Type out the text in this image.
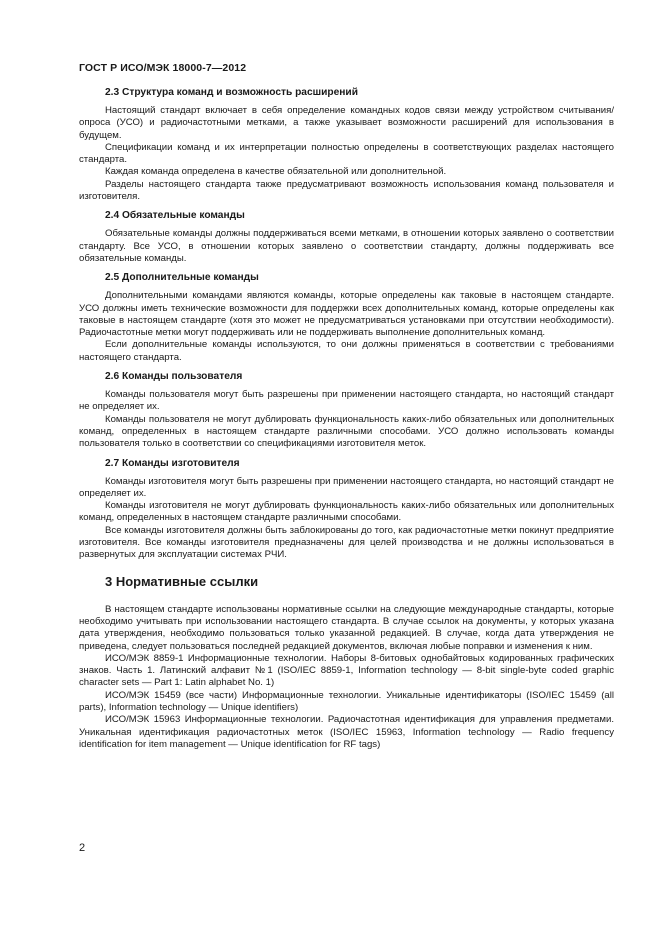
ГОСТ Р ИСО/МЭК 18000-7—2012
2.3 Структура команд и возможность расширений

Настоящий стандарт включает в себя определение командных кодов связи между устройством считывания/опроса (УСО) и радиочастотными метками, а также указывает возможности расширений для использования в будущем.

Спецификации команд и их интерпретации полностью определены в соответствующих разделах настоящего стандарта.

Каждая команда определена в качестве обязательной или дополнительной.

Разделы настоящего стандарта также предусматривают возможность использования команд пользователя и изготовителя.

2.4 Обязательные команды

Обязательные команды должны поддерживаться всеми метками, в отношении которых заявлено о соответствии стандарту. Все УСО, в отношении которых заявлено о соответствии стандарту, должны поддерживать все обязательные команды.

2.5 Дополнительные команды

Дополнительными командами являются команды, которые определены как таковые в настоящем стандарте. УСО должны иметь технические возможности для поддержки всех дополнительных команд, которые определены как таковые в настоящем стандарте (хотя это может не предусматриваться установками при отсутствии необходимости). Радиочастотные метки могут поддерживать или не поддерживать выполнение дополнительных команд.

Если дополнительные команды используются, то они должны применяться в соответствии с требованиями настоящего стандарта.

2.6 Команды пользователя

Команды пользователя могут быть разрешены при применении настоящего стандарта, но настоящий стандарт не определяет их.

Команды пользователя не могут дублировать функциональность каких-либо обязательных или дополнительных команд, определенных в настоящем стандарте различными способами. УСО должно использовать команды пользователя только в соответствии со спецификациями изготовителя меток.

2.7 Команды изготовителя

Команды изготовителя могут быть разрешены при применении настоящего стандарта, но настоящий стандарт не определяет их.

Команды изготовителя не могут дублировать функциональность каких-либо обязательных или дополнительных команд, определенных в настоящем стандарте различными способами.

Все команды изготовителя должны быть заблокированы до того, как радиочастотные метки покинут предприятие изготовителя. Все команды изготовителя предназначены для целей производства и не должны использоваться в развернутых для эксплуатации системах РЧИ.

3 Нормативные ссылки

В настоящем стандарте использованы нормативные ссылки на следующие международные стандарты, которые необходимо учитывать при использовании настоящего стандарта. В случае ссылок на документы, у которых указана дата утверждения, необходимо пользоваться только указанной редакцией. В случае, когда дата утверждения не приведена, следует пользоваться последней редакцией документов, включая любые поправки и изменения к ним.

ИСО/МЭК 8859-1 Информационные технологии. Наборы 8-битовых однобайтовых кодированных графических знаков. Часть 1. Латинский алфавит №1 (ISO/IEC 8859-1, Information technology — 8-bit single-byte coded graphic character sets — Part 1: Latin alphabet No. 1)

ИСО/МЭК 15459 (все части) Информационные технологии. Уникальные идентификаторы (ISO/IEC 15459 (all parts), Information technology — Unique identifiers)

ИСО/МЭК 15963 Информационные технологии. Радиочастотная идентификация для управления предметами. Уникальная идентификация радиочастотных меток (ISO/IEC 15963, Information technology — Radio frequency identification for item management — Unique identification for RF tags)

2
